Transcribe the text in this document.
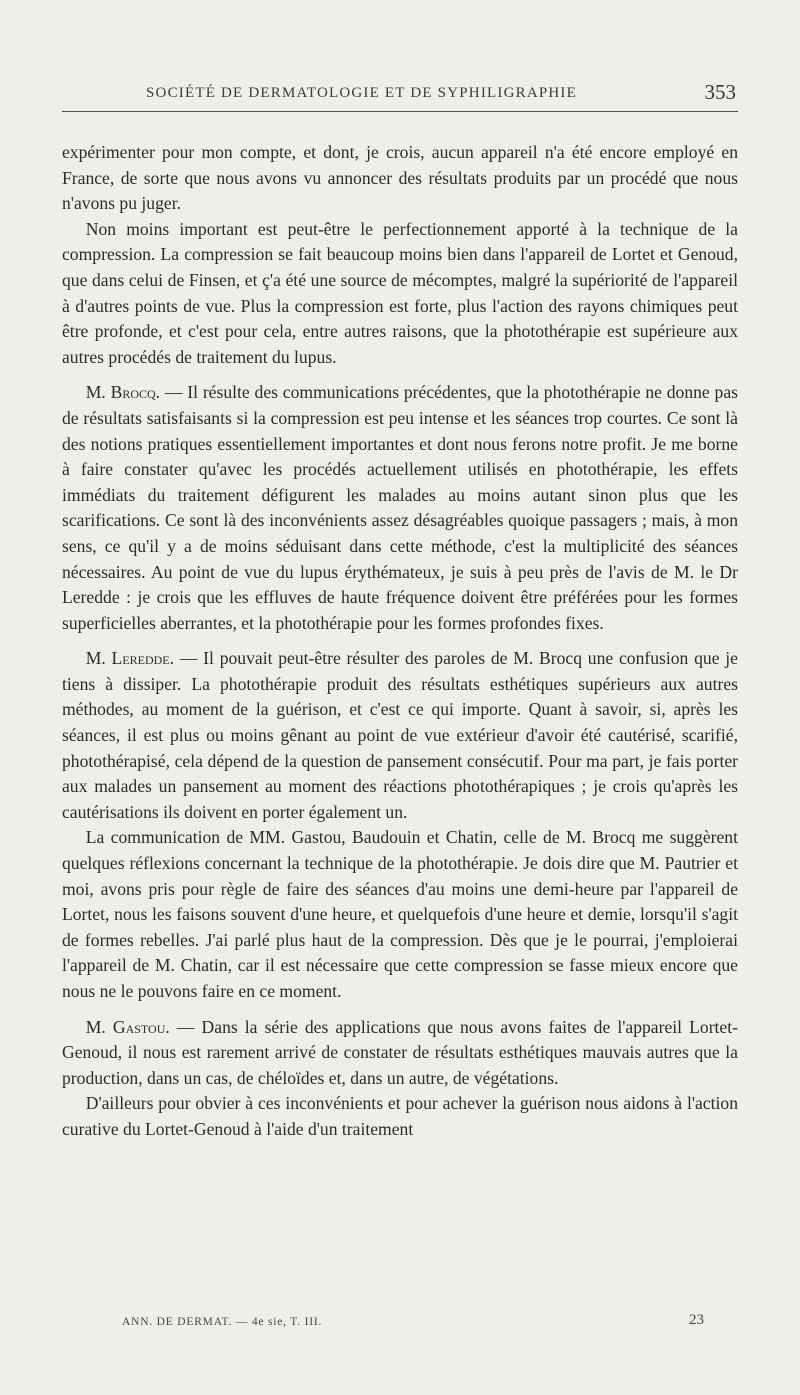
SOCIÉTÉ DE DERMATOLOGIE ET DE SYPHILIGRAPHIE	353

expérimenter pour mon compte, et dont, je crois, aucun appareil n'a été encore employé en France, de sorte que nous avons vu annoncer des résultats produits par un procédé que nous n'avons pu juger.

Non moins important est peut-être le perfectionnement apporté à la technique de la compression. La compression se fait beaucoup moins bien dans l'appareil de Lortet et Genoud, que dans celui de Finsen, et ç'a été une source de mécomptes, malgré la supériorité de l'appareil à d'autres points de vue. Plus la compression est forte, plus l'action des rayons chimiques peut être profonde, et c'est pour cela, entre autres raisons, que la photothérapie est supérieure aux autres procédés de traitement du lupus.

M. Brocq. — Il résulte des communications précédentes, que la photothérapie ne donne pas de résultats satisfaisants si la compression est peu intense et les séances trop courtes. Ce sont là des notions pratiques essentiellement importantes et dont nous ferons notre profit. Je me borne à faire constater qu'avec les procédés actuellement utilisés en photothérapie, les effets immédiats du traitement défigurent les malades au moins autant sinon plus que les scarifications. Ce sont là des inconvénients assez désagréables quoique passagers ; mais, à mon sens, ce qu'il y a de moins séduisant dans cette méthode, c'est la multiplicité des séances nécessaires. Au point de vue du lupus érythémateux, je suis à peu près de l'avis de M. le Dr Leredde : je crois que les effluves de haute fréquence doivent être préférées pour les formes superficielles aberrantes, et la photothérapie pour les formes profondes fixes.

M. Leredde. — Il pouvait peut-être résulter des paroles de M. Brocq une confusion que je tiens à dissiper. La photothérapie produit des résultats esthétiques supérieurs aux autres méthodes, au moment de la guérison, et c'est ce qui importe. Quant à savoir, si, après les séances, il est plus ou moins gênant au point de vue extérieur d'avoir été cautérisé, scarifié, photothérapisé, cela dépend de la question de pansement consécutif. Pour ma part, je fais porter aux malades un pansement au moment des réactions photothérapiques ; je crois qu'après les cautérisations ils doivent en porter également un.

La communication de MM. Gastou, Baudouin et Chatin, celle de M. Brocq me suggèrent quelques réflexions concernant la technique de la photothérapie. Je dois dire que M. Pautrier et moi, avons pris pour règle de faire des séances d'au moins une demi-heure par l'appareil de Lortet, nous les faisons souvent d'une heure, et quelquefois d'une heure et demie, lorsqu'il s'agit de formes rebelles. J'ai parlé plus haut de la compression. Dès que je le pourrai, j'emploierai l'appareil de M. Chatin, car il est nécessaire que cette compression se fasse mieux encore que nous ne le pouvons faire en ce moment.

M. Gastou. — Dans la série des applications que nous avons faites de l'appareil Lortet-Genoud, il nous est rarement arrivé de constater de résultats esthétiques mauvais autres que la production, dans un cas, de chéloïdes et, dans un autre, de végétations.

D'ailleurs pour obvier à ces inconvénients et pour achever la guérison nous aidons à l'action curative du Lortet-Genoud à l'aide d'un traitement

ANN. DE DERMAT. — 4e sie, T. III.	23
